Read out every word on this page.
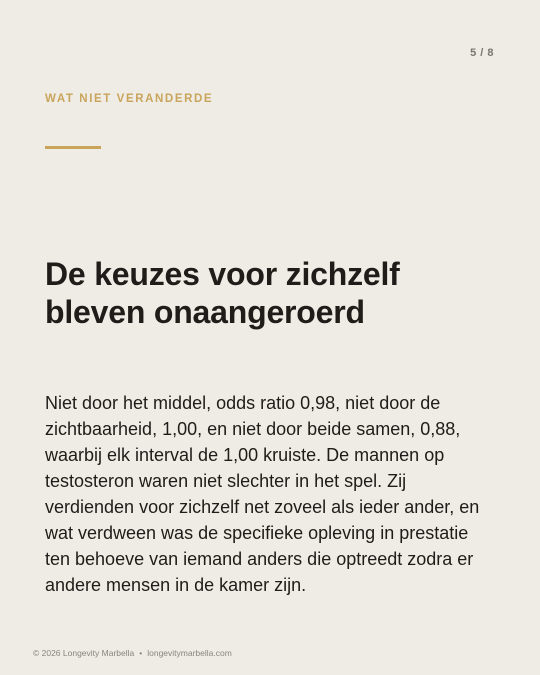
5 / 8
WAT NIET VERANDERDE
De keuzes voor zichzelf
bleven onaangeroerd

Niet door het middel, odds ratio 0,98, niet door de zichtbaarheid, 1,00, en niet door beide samen, 0,88, waarbij elk interval de 1,00 kruiste. De mannen op testosteron waren niet slechter in het spel. Zij verdienden voor zichzelf net zoveel als ieder ander, en wat verdween was de specifieke opleving in prestatie ten behoeve van iemand anders die optreedt zodra er andere mensen in de kamer zijn.

© 2026 Longevity Marbella • longevitymarbella.com
